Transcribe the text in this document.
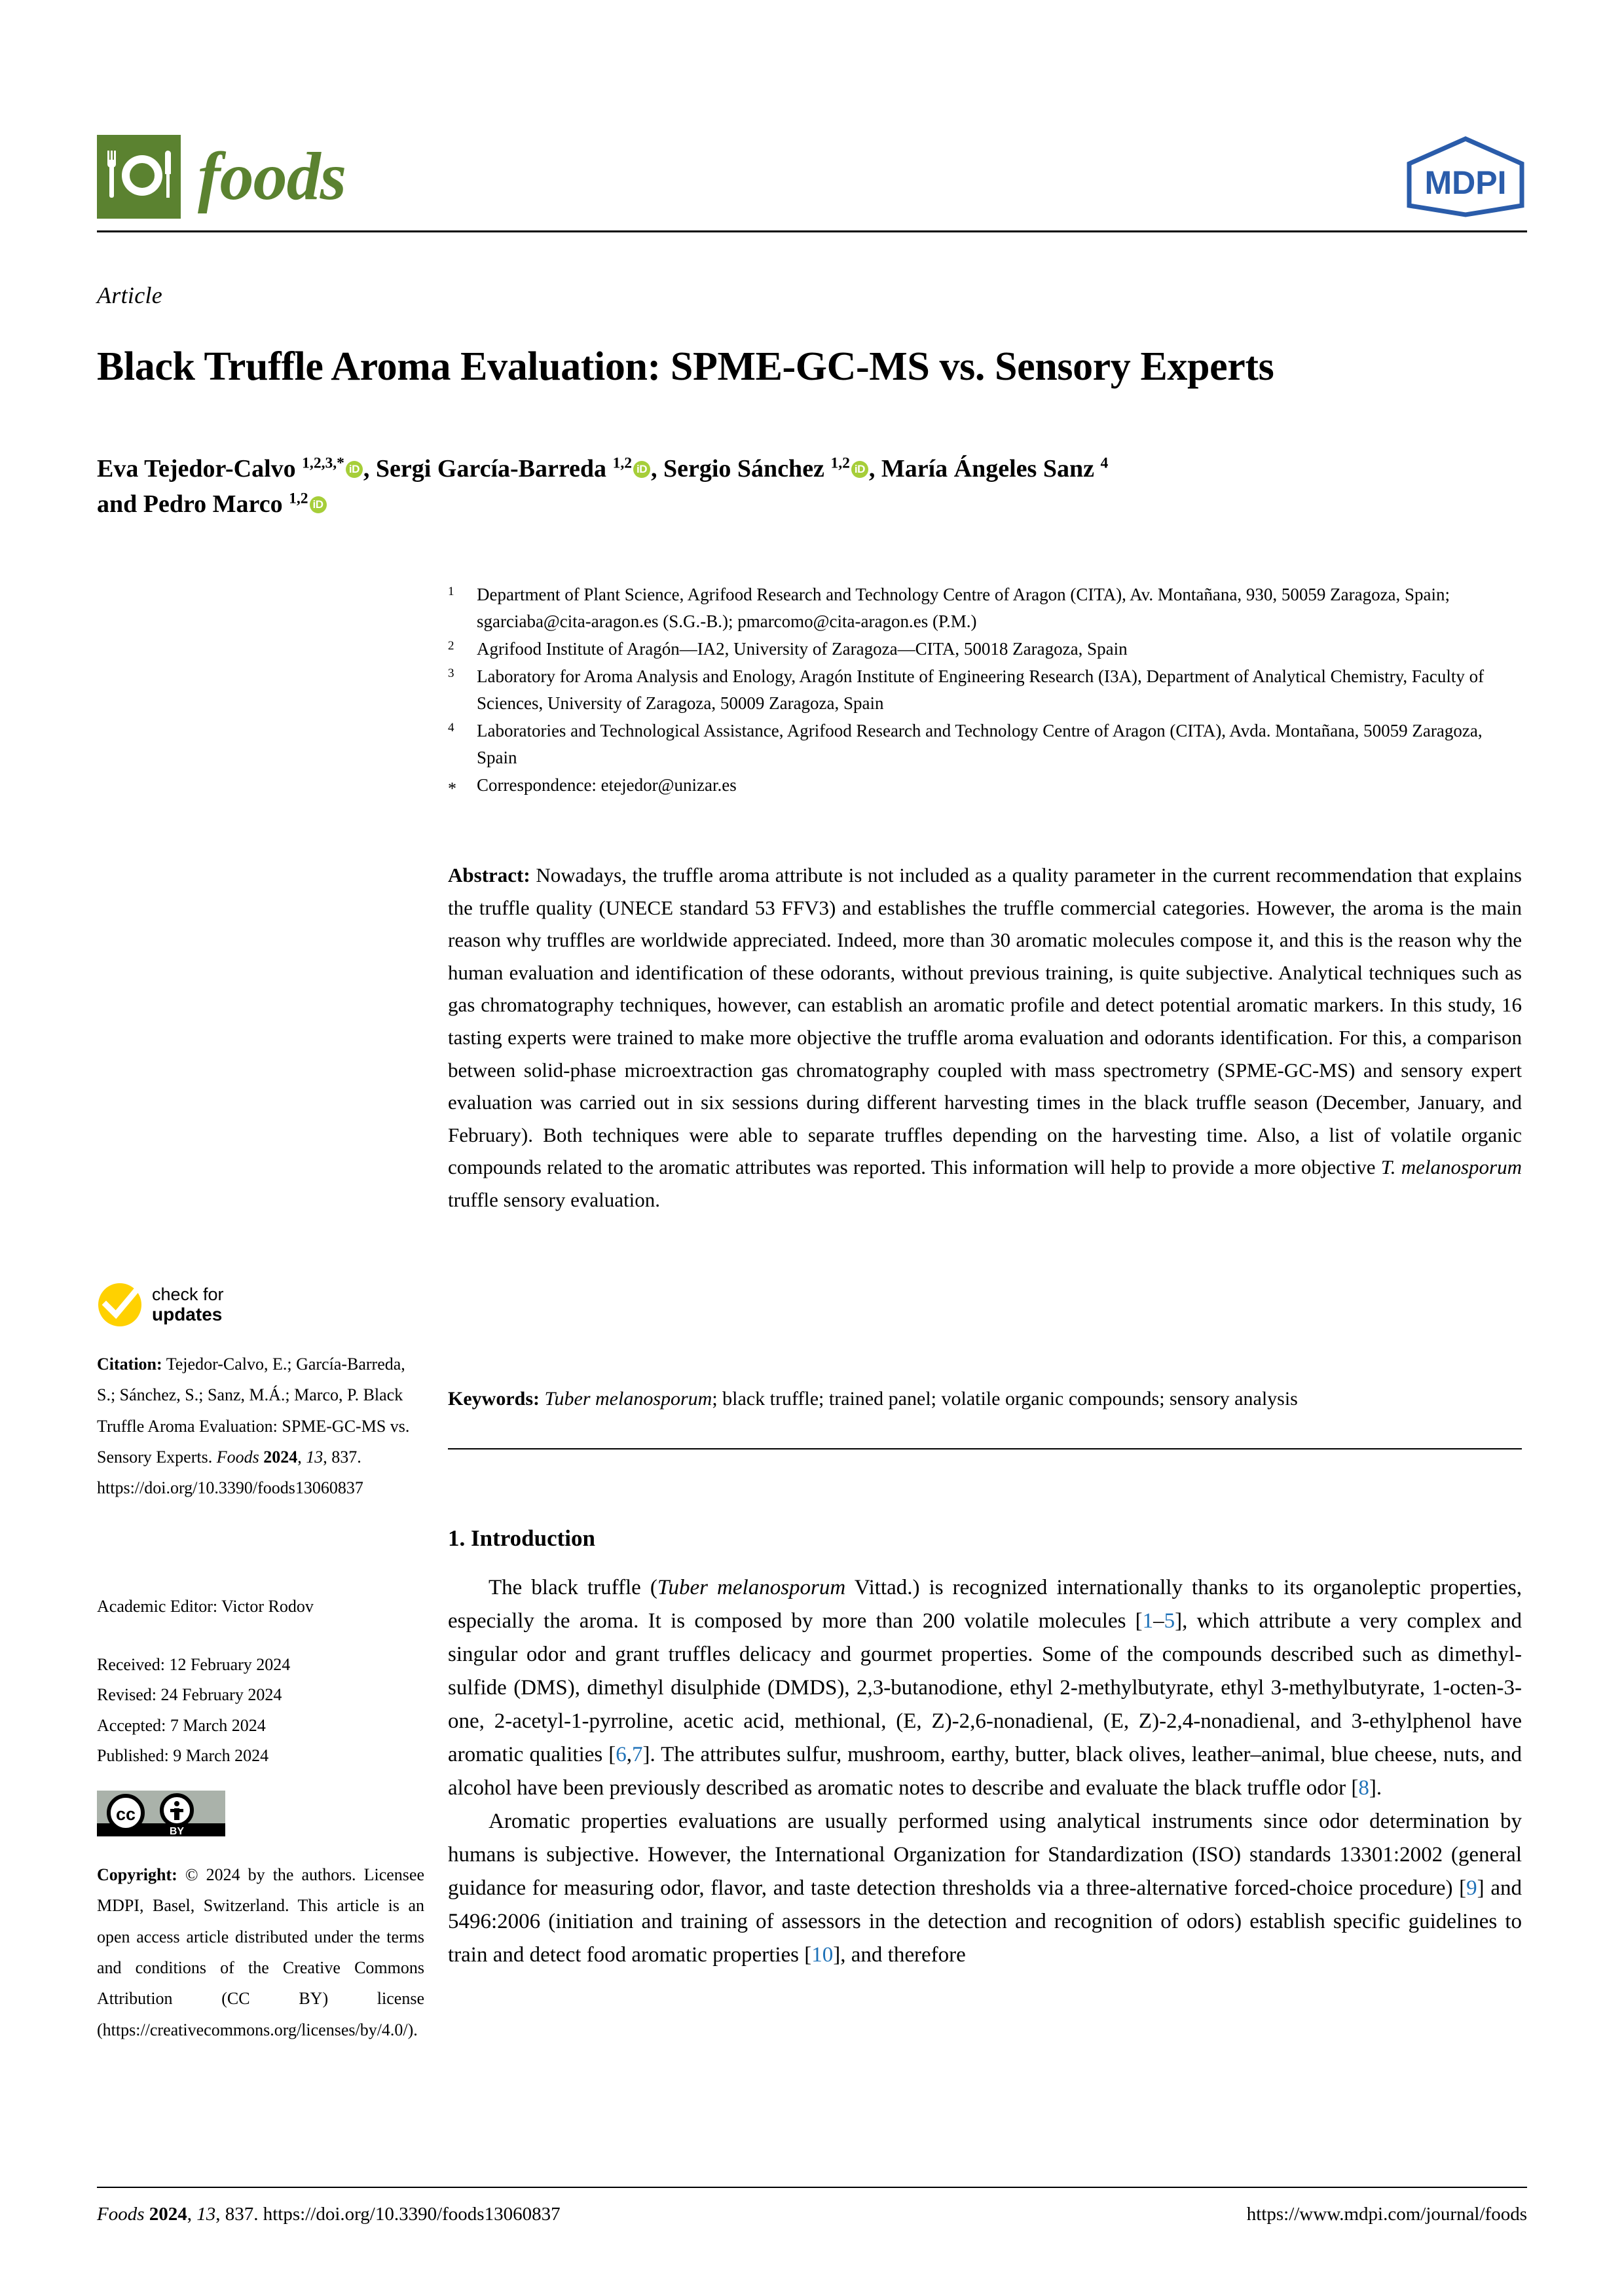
foods	MDPI
Article
Black Truffle Aroma Evaluation: SPME-GC-MS vs. Sensory Experts
Eva Tejedor-Calvo $^{1,2,3,*}$ iD , Sergi García-Barreda $^{1,2}$ iD , Sergio Sánchez $^{1,2}$ iD , María Ángeles Sanz $^4$
and Pedro Marco $^{1,2}$ iD
1	Department of Plant Science, Agrifood Research and Technology Centre of Aragon (CITA), Av. Montañana, 930, 50059 Zaragoza, Spain; sgarciaba@cita-aragon.es (S.G.-B.); pmarcomo@cita-aragon.es (P.M.)
2	Agrifood Institute of Aragón—IA2, University of Zaragoza—CITA, 50018 Zaragoza, Spain
3	Laboratory for Aroma Analysis and Enology, Aragón Institute of Engineering Research (I3A), Department of Analytical Chemistry, Faculty of Sciences, University of Zaragoza, 50009 Zaragoza, Spain
4	Laboratories and Technological Assistance, Agrifood Research and Technology Centre of Aragon (CITA), Avda. Montañana, 50059 Zaragoza, Spain
*	Correspondence: etejedor@unizar.es
Abstract: Nowadays, the truffle aroma attribute is not included as a quality parameter in the current recommendation that explains the truffle quality (UNECE standard 53 FFV3) and establishes the truffle commercial categories. However, the aroma is the main reason why truffles are worldwide appreciated. Indeed, more than 30 aromatic molecules compose it, and this is the reason why the human evaluation and identification of these odorants, without previous training, is quite subjective. Analytical techniques such as gas chromatography techniques, however, can establish an aromatic profile and detect potential aromatic markers. In this study, 16 tasting experts were trained to make more objective the truffle aroma evaluation and odorants identification. For this, a comparison between solid-phase microextraction gas chromatography coupled with mass spectrometry (SPME-GC-MS) and sensory expert evaluation was carried out in six sessions during different harvesting times in the black truffle season (December, January, and February). Both techniques were able to separate truffles depending on the harvesting time. Also, a list of volatile organic compounds related to the aromatic attributes was reported. This information will help to provide a more objective T. melanosporum truffle sensory evaluation.
Keywords: Tuber melanosporum; black truffle; trained panel; volatile organic compounds; sensory analysis
1. Introduction

The black truffle (Tuber melanosporum Vittad.) is recognized internationally thanks to its organoleptic properties, especially the aroma. It is composed by more than 200 volatile molecules [1–5], which attribute a very complex and singular odor and grant truffles delicacy and gourmet properties. Some of the compounds described such as dimethyl-sulfide (DMS), dimethyl disulphide (DMDS), 2,3-butanodione, ethyl 2-methylbutyrate, ethyl 3-methylbutyrate, 1-octen-3-one, 2-acetyl-1-pyrroline, acetic acid, methional, (E, Z)-2,6-nonadienal, (E, Z)-2,4-nonadienal, and 3-ethylphenol have aromatic qualities [6,7]. The attributes sulfur, mushroom, earthy, butter, black olives, leather–animal, blue cheese, nuts, and alcohol have been previously described as aromatic notes to describe and evaluate the black truffle odor [8].

Aromatic properties evaluations are usually performed using analytical instruments since odor determination by humans is subjective. However, the International Organization for Standardization (ISO) standards 13301:2002 (general guidance for measuring odor, flavor, and taste detection thresholds via a three-alternative forced-choice procedure) [9] and 5496:2006 (initiation and training of assessors in the detection and recognition of odors) establish specific guidelines to train and detect food aromatic properties [10], and therefore

check for
updates
Citation: Tejedor-Calvo, E.; García-Barreda, S.; Sánchez, S.; Sanz, M.Á.; Marco, P. Black Truffle Aroma Evaluation: SPME-GC-MS vs. Sensory Experts. Foods 2024, 13, 837. https://doi.org/10.3390/foods13060837
Academic Editor: Victor Rodov
Received: 12 February 2024
Revised: 24 February 2024
Accepted: 7 March 2024
Published: 9 March 2024
cc
BY
Copyright: © 2024 by the authors. Licensee MDPI, Basel, Switzerland. This article is an open access article distributed under the terms and conditions of the Creative Commons Attribution (CC BY) license (https://creativecommons.org/licenses/by/4.0/).
Foods 2024, 13, 837. https://doi.org/10.3390/foods13060837	https://www.mdpi.com/journal/foods
